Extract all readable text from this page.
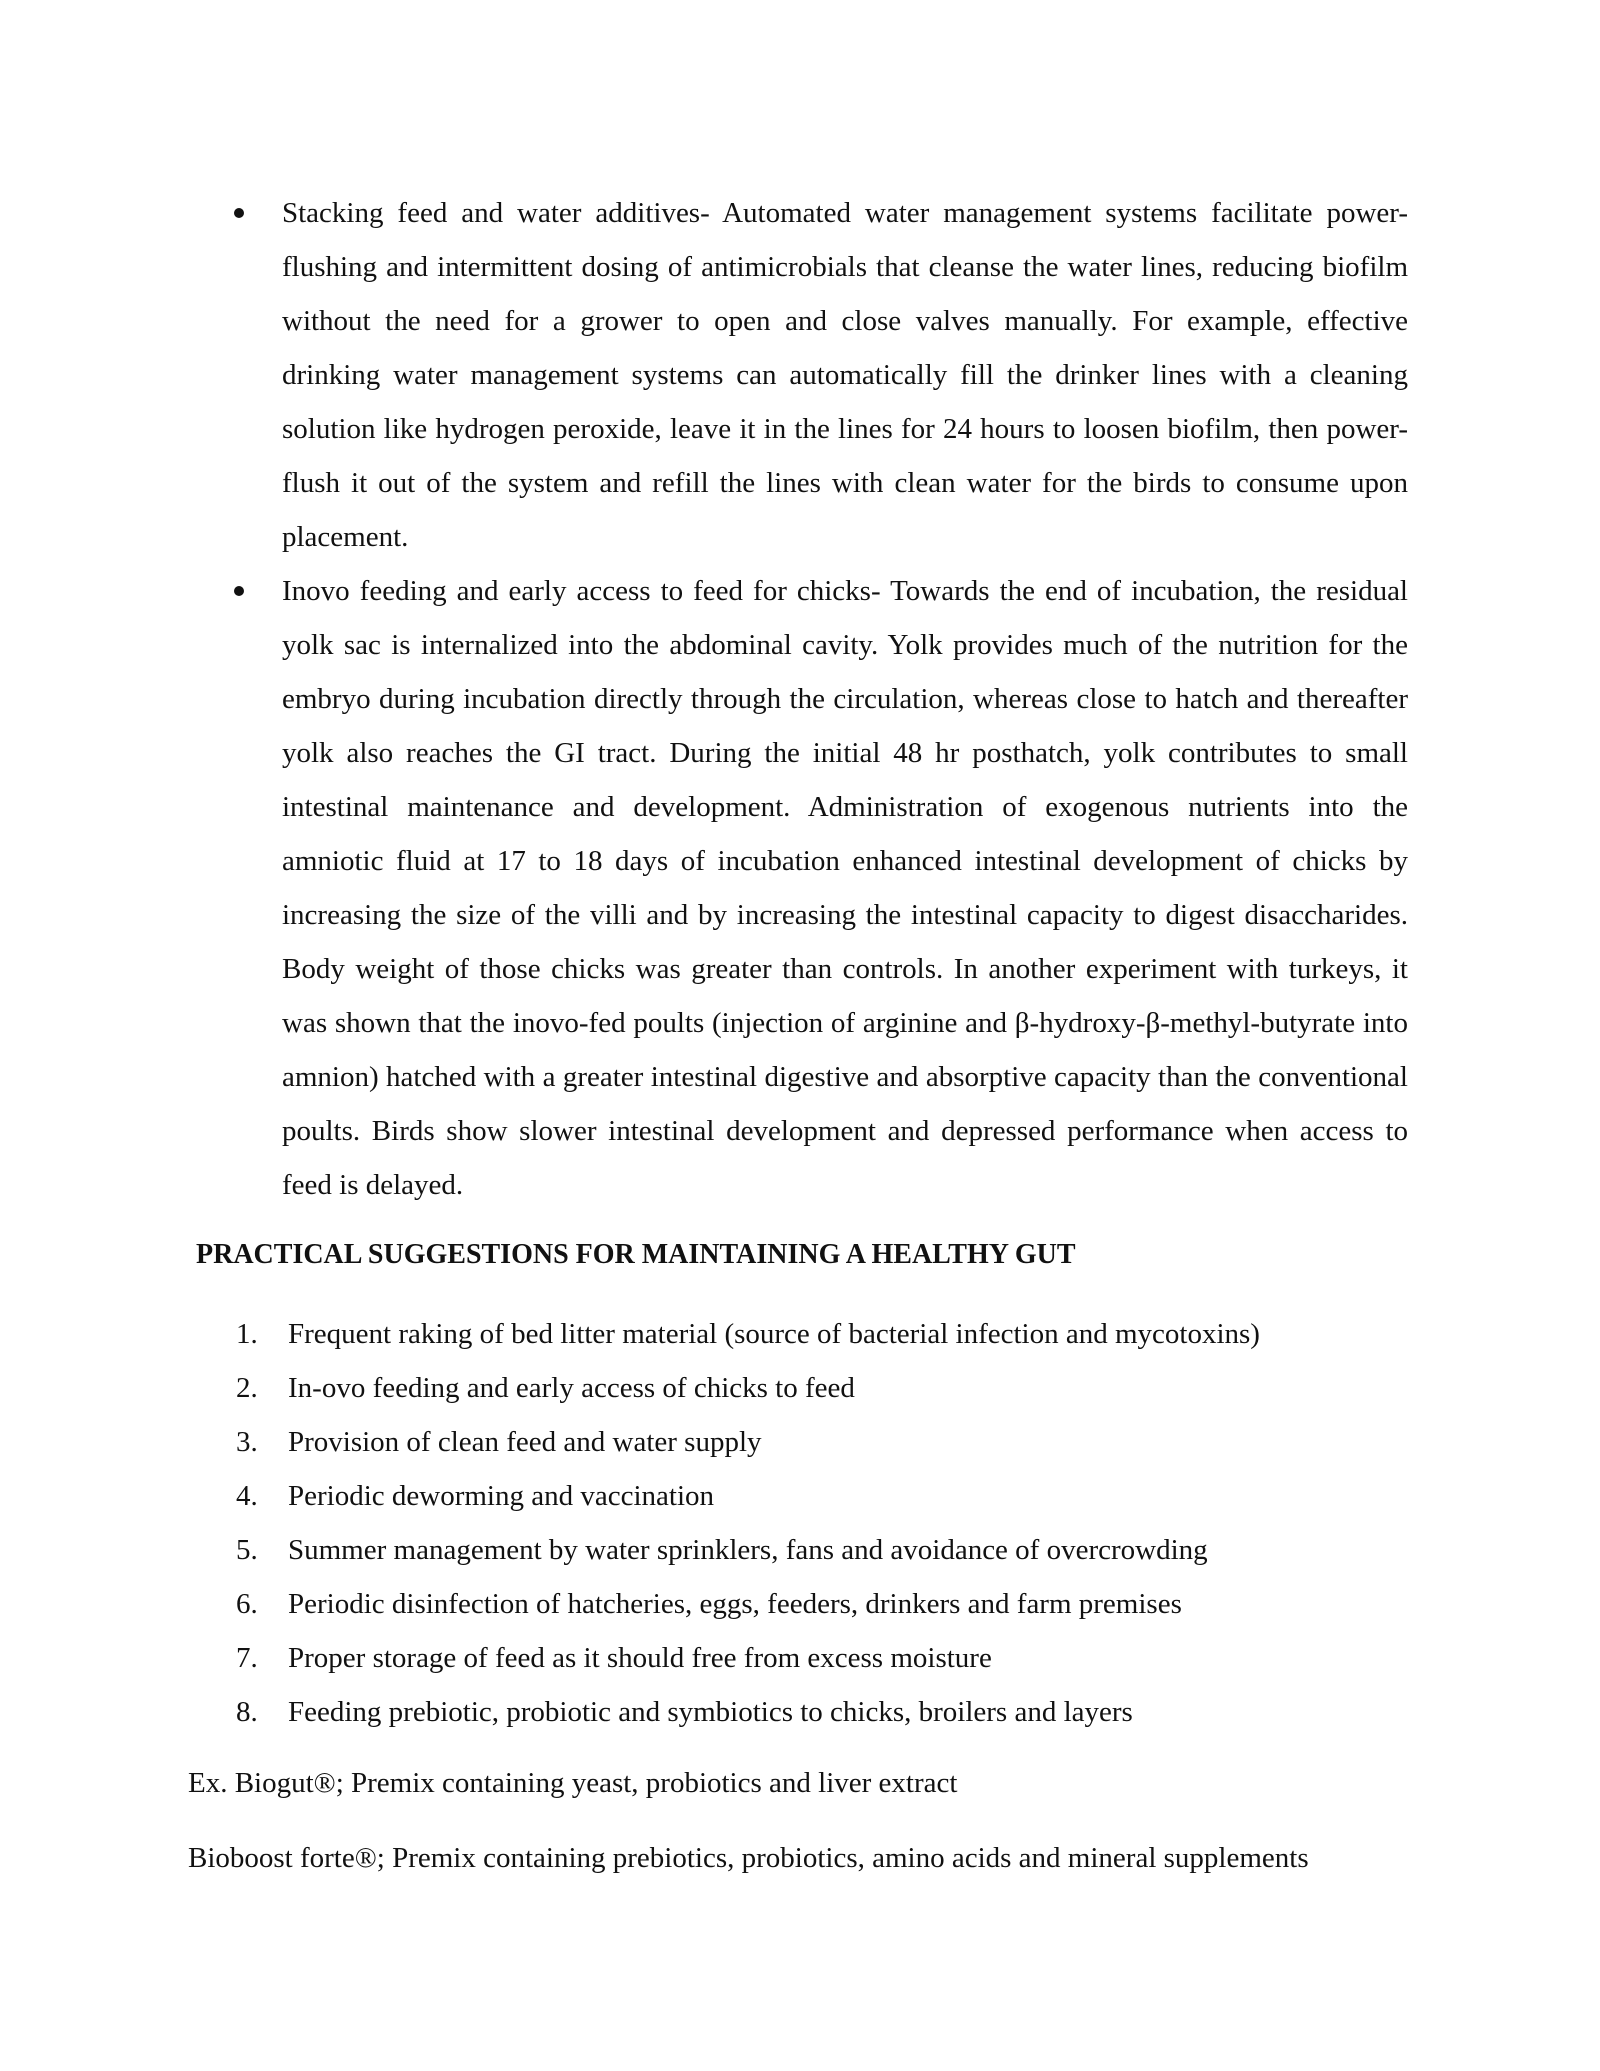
Stacking feed and water additives- Automated water management systems facilitate power-flushing and intermittent dosing of antimicrobials that cleanse the water lines, reducing biofilm without the need for a grower to open and close valves manually. For example, effective drinking water management systems can automatically fill the drinker lines with a cleaning solution like hydrogen peroxide, leave it in the lines for 24 hours to loosen biofilm, then power-flush it out of the system and refill the lines with clean water for the birds to consume upon placement.
Inovo feeding and early access to feed for chicks- Towards the end of incubation, the residual yolk sac is internalized into the abdominal cavity. Yolk provides much of the nutrition for the embryo during incubation directly through the circulation, whereas close to hatch and thereafter yolk also reaches the GI tract. During the initial 48 hr posthatch, yolk contributes to small intestinal maintenance and development. Administration of exogenous nutrients into the amniotic fluid at 17 to 18 days of incubation enhanced intestinal development of chicks by increasing the size of the villi and by increasing the intestinal capacity to digest disaccharides. Body weight of those chicks was greater than controls. In another experiment with turkeys, it was shown that the inovo-fed poults (injection of arginine and β-hydroxy-β-methyl-butyrate into amnion) hatched with a greater intestinal digestive and absorptive capacity than the conventional poults. Birds show slower intestinal development and depressed performance when access to feed is delayed.
PRACTICAL SUGGESTIONS FOR MAINTAINING A HEALTHY GUT
1. Frequent raking of bed litter material (source of bacterial infection and mycotoxins)
2. In-ovo feeding and early access of chicks to feed
3. Provision of clean feed and water supply
4. Periodic deworming and vaccination
5. Summer management by water sprinklers, fans and avoidance of overcrowding
6. Periodic disinfection of hatcheries, eggs, feeders, drinkers and farm premises
7. Proper storage of feed as it should free from excess moisture
8. Feeding prebiotic, probiotic and symbiotics to chicks, broilers and layers

Ex. Biogut®; Premix containing yeast, probiotics and liver extract

Bioboost forte®; Premix containing prebiotics, probiotics, amino acids and mineral supplements
